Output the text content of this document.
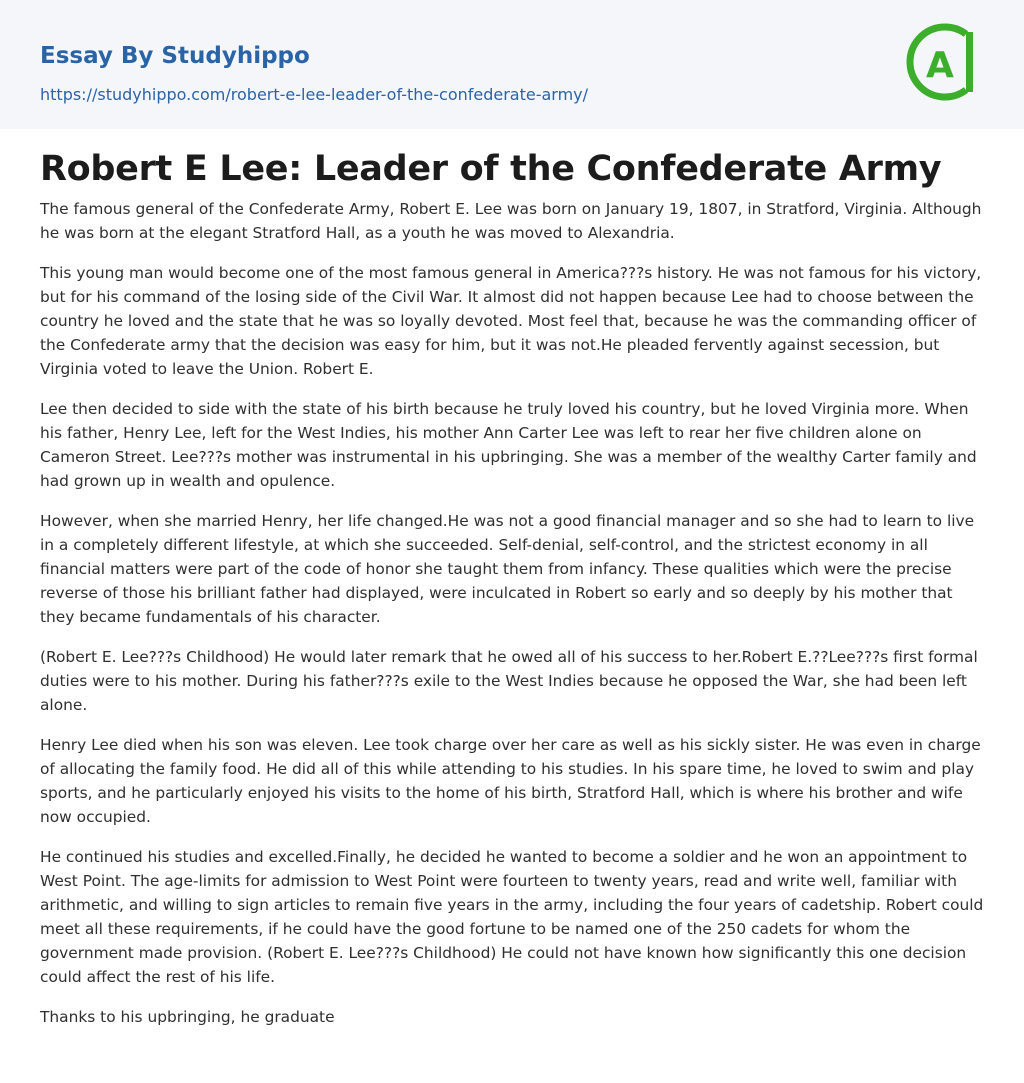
Essay By Studyhippo
https://studyhippo.com/robert-e-lee-leader-of-the-confederate-army/
A
Robert E Lee: Leader of the Confederate Army

The famous general of the Confederate Army, Robert E. Lee was born on January 19, 1807, in Stratford, Virginia. Although he was born at the elegant Stratford Hall, as a youth he was moved to Alexandria.

This young man would become one of the most famous general in America???s history. He was not famous for his victory, but for his command of the losing side of the Civil War. It almost did not happen because Lee had to choose between the country he loved and the state that he was so loyally devoted. Most feel that, because he was the commanding officer of the Confederate army that the decision was easy for him, but it was not.He pleaded fervently against secession, but Virginia voted to leave the Union. Robert E.

Lee then decided to side with the state of his birth because he truly loved his country, but he loved Virginia more. When his father, Henry Lee, left for the West Indies, his mother Ann Carter Lee was left to rear her five children alone on Cameron Street. Lee???s mother was instrumental in his upbringing. She was a member of the wealthy Carter family and had grown up in wealth and opulence.

However, when she married Henry, her life changed.He was not a good financial manager and so she had to learn to live in a completely different lifestyle, at which she succeeded. Self-denial, self-control, and the strictest economy in all financial matters were part of the code of honor she taught them from infancy. These qualities which were the precise reverse of those his brilliant father had displayed, were inculcated in Robert so early and so deeply by his mother that they became fundamentals of his character.

(Robert E. Lee???s Childhood) He would later remark that he owed all of his success to her.Robert E.??Lee???s first formal duties were to his mother. During his father???s exile to the West Indies because he opposed the War, she had been left alone.

Henry Lee died when his son was eleven. Lee took charge over her care as well as his sickly sister. He was even in charge of allocating the family food. He did all of this while attending to his studies. In his spare time, he loved to swim and play sports, and he particularly enjoyed his visits to the home of his birth, Stratford Hall, which is where his brother and wife now occupied.

He continued his studies and excelled.Finally, he decided he wanted to become a soldier and he won an appointment to West Point. The age-limits for admission to West Point were fourteen to twenty years, read and write well, familiar with arithmetic, and willing to sign articles to remain five years in the army, including the four years of cadetship. Robert could meet all these requirements, if he could have the good fortune to be named one of the 250 cadets for whom the government made provision. (Robert E. Lee???s Childhood) He could not have known how significantly this one decision could affect the rest of his life.

Thanks to his upbringing, he graduate
